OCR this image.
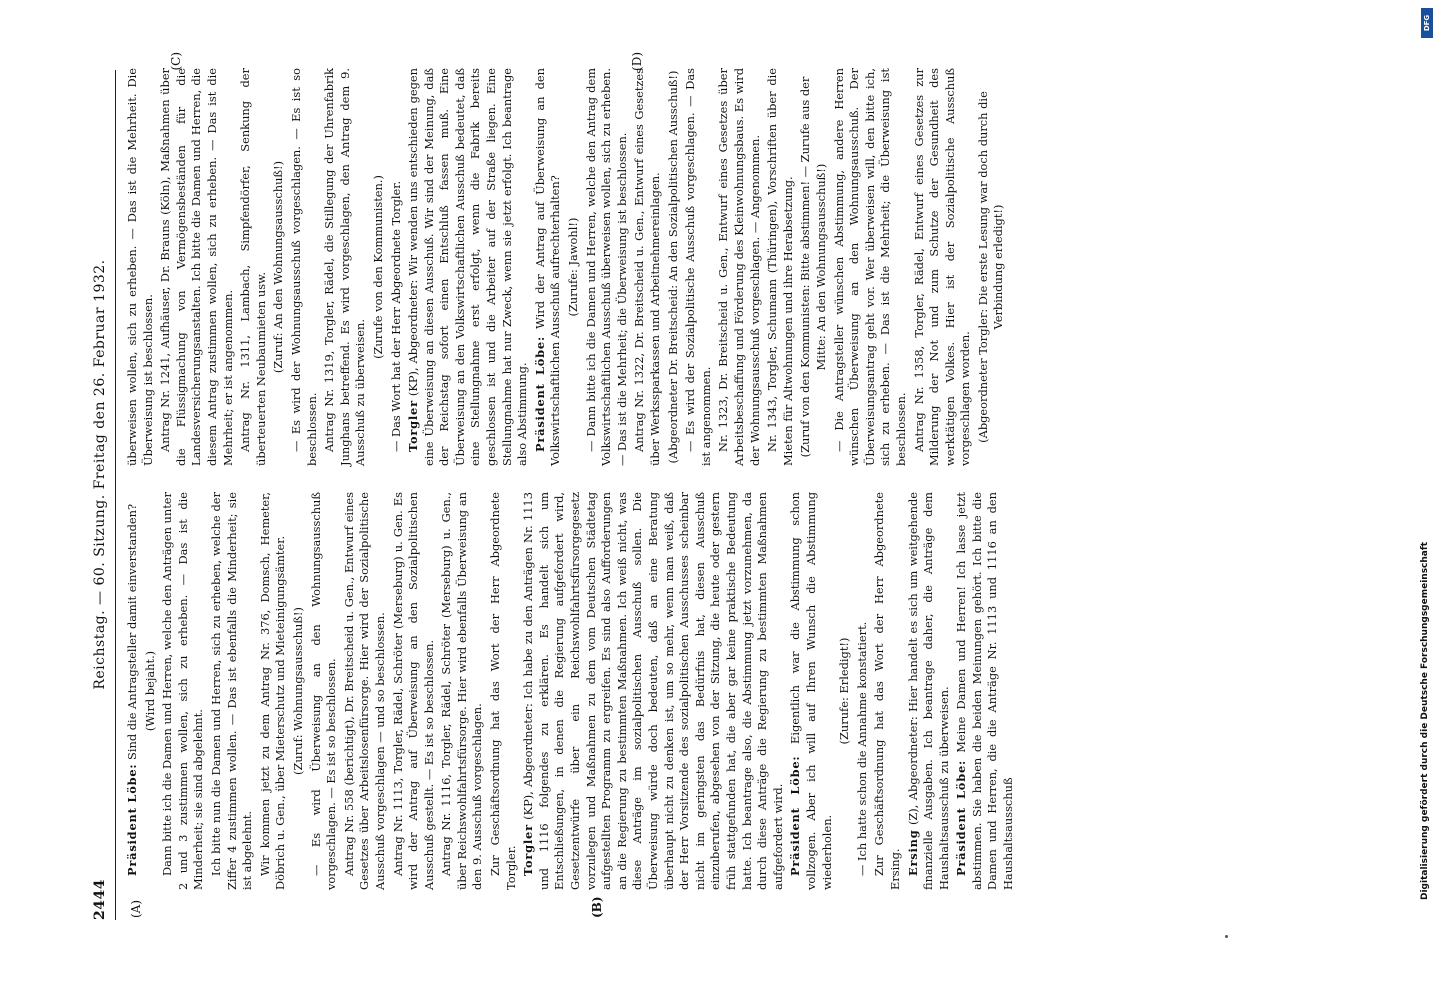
2444
Reichstag. — 60. Sitzung. Freitag den 26. Februar 1932.
(A)	(B)

Präsident Löbe: Sind die Antragsteller damit einverstanden? (Wird bejaht.) Dann bitte ich die Damen und Herren, welche den Anträgen unter 2 und 3 zustimmen wollen, sich zu erheben. — Das ist die Minderheit; sie sind abgelehnt. Ich bitte nun die Damen und Herren, sich zu erheben, welche der Ziffer 4 zustimmen wollen. — Das ist ebenfalls die Minderheit; sie ist abgelehnt. Wir kommen jetzt zu dem Antrag Nr. 376, Domsch, Hemeter, Döbrich u. Gen., über Mieterschutz und Mieteinigungsämter. (Zuruf: Wohnungsausschuß!) — Es wird Überweisung an den Wohnungsausschuß vorgeschlagen. — Es ist so beschlossen. Antrag Nr. 558 (berichtigt), Dr. Breitscheid u. Gen., Entwurf eines Gesetzes über Arbeitslosenfürsorge. Hier wird der Sozialpolitische Ausschuß vorgeschlagen — und so beschlossen. Antrag Nr. 1113, Torgler, Rädel, Schröter (Merseburg) u. Gen. Es wird der Antrag auf Überweisung an den Sozialpolitischen Ausschuß gestellt. — Es ist so beschlossen. Antrag Nr. 1116, Torgler, Rädel, Schröter (Merseburg) u. Gen., über Reichswohlfahrtsfürsorge. Hier wird ebenfalls Überweisung an den 9. Ausschuß vorgeschlagen. Zur Geschäftsordnung hat das Wort der Herr Abgeordnete Torgler. Torgler (KP), Abgeordneter: Ich habe zu den Anträgen Nr. 1113 und 1116 folgendes zu erklären. Es handelt sich um Entschließungen, in denen die Regierung aufgefordert wird, Gesetzentwürfe über ein Reichswohlfahrtsfürsorgegesetz vorzulegen und Maßnahmen zu dem vom Deutschen Städtetag aufgestellten Programm zu ergreifen. Es sind also Aufforderungen an die Regierung zu bestimmten Maßnahmen. Ich weiß nicht, was diese Anträge im sozialpolitischen Ausschuß sollen. Die Überweisung würde doch bedeuten, daß an eine Beratung überhaupt nicht zu denken ist, um so mehr, wenn man weiß, daß der Herr Vorsitzende des sozialpolitischen Ausschusses scheinbar nicht im geringsten das Bedürfnis hat, diesen Ausschuß einzuberufen, abgesehen von der Sitzung, die heute oder gestern früh stattgefunden hat, die aber gar keine praktische Bedeutung hatte. Ich beantrage also, die Abstimmung jetzt vorzunehmen, da durch diese Anträge die Regierung zu bestimmten Maßnahmen aufgefordert wird. Präsident Löbe: Eigentlich war die Abstimmung schon vollzogen. Aber ich will auf Ihren Wunsch die Abstimmung wiederholen.

(Zurufe: Erledigt!) — Ich hatte schon die Annahme konstatiert. Zur Geschäftsordnung hat das Wort der Herr Abgeordnete Ersing. Ersing (Z), Abgeordneter: Hier handelt es sich um weitgehende finanzielle Ausgaben. Ich beantrage daher, die Anträge dem Haushaltsausschuß zu überweisen. Präsident Löbe: Meine Damen und Herren! Ich lasse jetzt abstimmen. Sie haben die beiden Meinungen gehört. Ich bitte die Damen und Herren, die die Anträge Nr. 1113 und 1116 an den Haushaltsausschuß

(C)	(D)

überweisen wollen, sich zu erheben. — Das ist die Mehrheit. Die Überweisung ist beschlossen. Antrag Nr. 1241, Aufhäuser, Dr. Brauns (Köln), Maßnahmen über die Flüssigmachung von Vermögensbeständen für die Landesversicherungsanstalten. Ich bitte die Damen und Herren, die diesem Antrag zustimmen wollen, sich zu erheben. — Das ist die Mehrheit; er ist angenommen. Antrag Nr. 1311, Lambach, Simpfendörfer, Senkung der überteuerten Neubaumieten usw. (Zuruf: An den Wohnungsausschuß!) — Es wird der Wohnungsausschuß vorgeschlagen. — Es ist so beschlossen. Antrag Nr. 1319, Torgler, Rädel, die Stillegung der Uhrenfabrik Junghans betreffend. Es wird vorgeschlagen, den Antrag dem 9. Ausschuß zu überweisen.

(Zurufe von den Kommunisten.) — Das Wort hat der Herr Abgeordnete Torgler. Torgler (KP), Abgeordneter: Wir wenden uns entschieden gegen eine Überweisung an diesen Ausschuß. Wir sind der Meinung, daß der Reichstag sofort einen Entschluß fassen muß. Eine Überweisung an den Volkswirtschaftlichen Ausschuß bedeutet, daß eine Stellungnahme erst erfolgt, wenn die Fabrik bereits geschlossen ist und die Arbeiter auf der Straße liegen. Eine Stellungnahme hat nur Zweck, wenn sie jetzt erfolgt. Ich beantrage also Abstimmung. Präsident Löbe: Wird der Antrag auf Überweisung an den Volkswirtschaftlichen Ausschuß aufrechterhalten? (Zurufe: Jawohl!) — Dann bitte ich die Damen und Herren, welche den Antrag dem Volkswirtschaftlichen Ausschuß überweisen wollen, sich zu erheben. — Das ist die Mehrheit; die Überweisung ist beschlossen. Antrag Nr. 1322, Dr. Breitscheid u. Gen., Entwurf eines Gesetzes über Werkssparkassen und Arbeitnehmereinlagen. (Abgeordneter Dr. Breitscheid: An den Sozialpolitischen Ausschuß!) — Es wird der Sozialpolitische Ausschuß vorgeschlagen. — Das ist angenommen. Nr. 1323, Dr. Breitscheid u. Gen., Entwurf eines Gesetzes über Arbeitsbeschaffung und Förderung des Kleinwohnungsbaus. Es wird der Wohnungsausschuß vorgeschlagen. — Angenommen. Nr. 1343, Torgler, Schumann (Thüringen), Vorschriften über die Mieten für Altwohnungen und ihre Herabsetzung. (Zuruf von den Kommunisten: Bitte abstimmen! — Zurufe aus der Mitte: An den Wohnungsausschuß!) — Die Antragsteller wünschen Abstimmung, andere Herren wünschen Überweisung an den Wohnungsausschuß. Der Überweisungsantrag geht vor. Wer überweisen will, den bitte ich, sich zu erheben. — Das ist die Mehrheit; die Überweisung ist beschlossen. Antrag Nr. 1358, Torgler, Rädel, Entwurf eines Gesetzes zur Milderung der Not und zum Schutze der Gesundheit des werktätigen Volkes. Hier ist der Sozialpolitische Ausschuß vorgeschlagen worden. (Abgeordneter Torgler: Die erste Lesung war doch durch die Verbindung erledigt!)

DFG
Digitalisierung gefördert durch die Deutsche Forschungsgemeinschaft
